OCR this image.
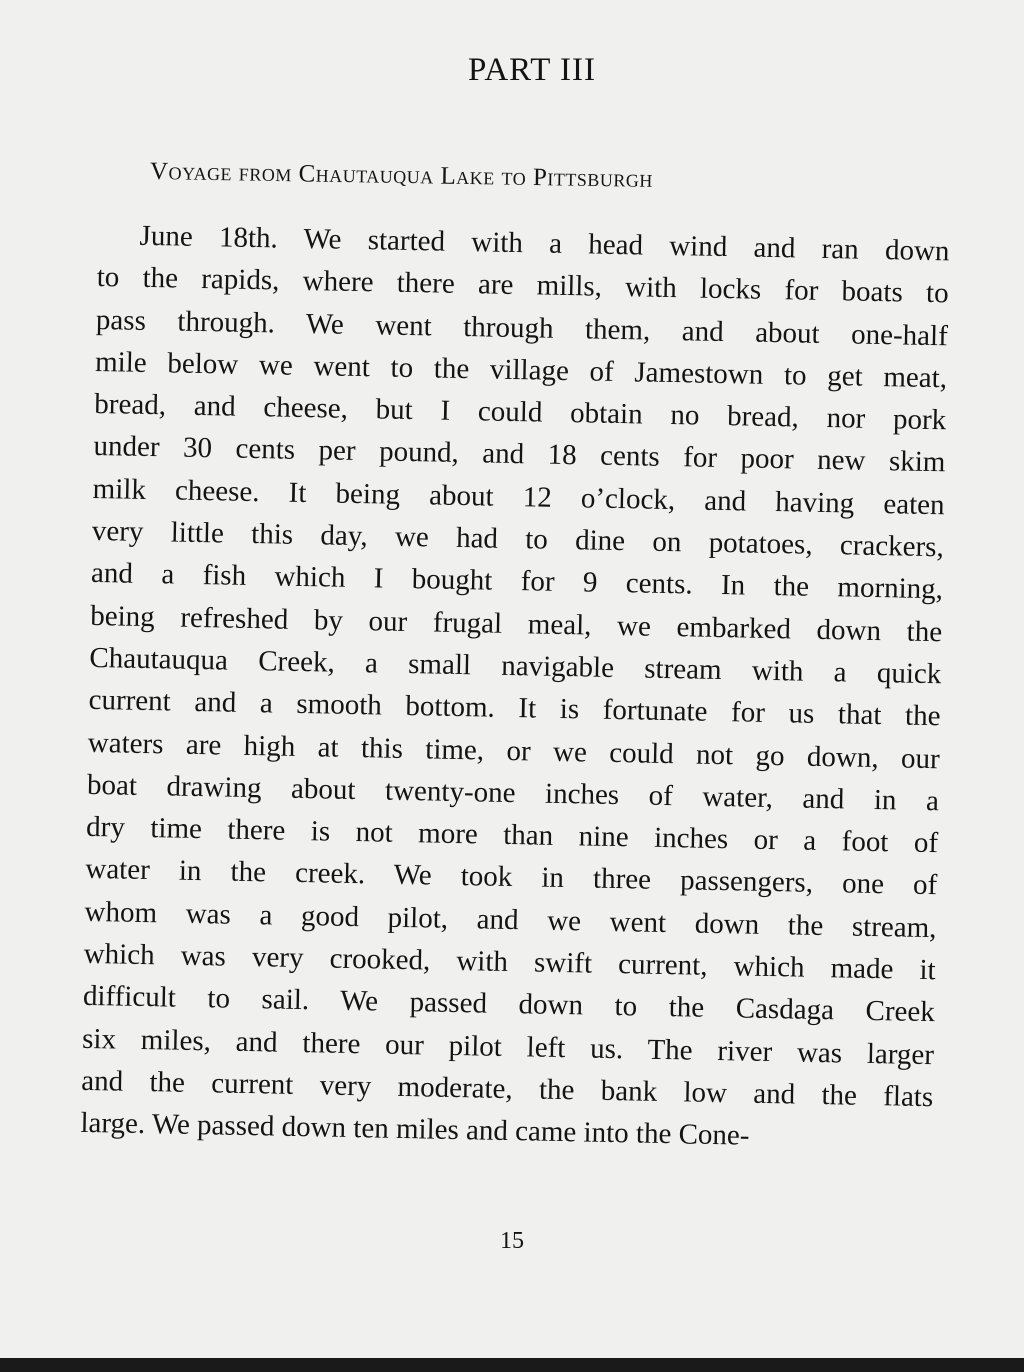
PART III
Voyage from Chautauqua Lake to Pittsburgh
June 18th. We started with a head wind and ran down
to the rapids, where there are mills, with locks for boats to
pass through. We went through them, and about one-half
mile below we went to the village of Jamestown to get meat,
bread, and cheese, but I could obtain no bread, nor pork
under 30 cents per pound, and 18 cents for poor new skim
milk cheese. It being about 12 o’clock, and having eaten
very little this day, we had to dine on potatoes, crackers,
and a fish which I bought for 9 cents. In the morning,
being refreshed by our frugal meal, we embarked down the
Chautauqua Creek, a small navigable stream with a quick
current and a smooth bottom. It is fortunate for us that the
waters are high at this time, or we could not go down, our
boat drawing about twenty-one inches of water, and in a
dry time there is not more than nine inches or a foot of
water in the creek. We took in three passengers, one of
whom was a good pilot, and we went down the stream,
which was very crooked, with swift current, which made it
difficult to sail. We passed down to the Casdaga Creek
six miles, and there our pilot left us. The river was larger
and the current very moderate, the bank low and the flats
large. We passed down ten miles and came into the Cone-
15
